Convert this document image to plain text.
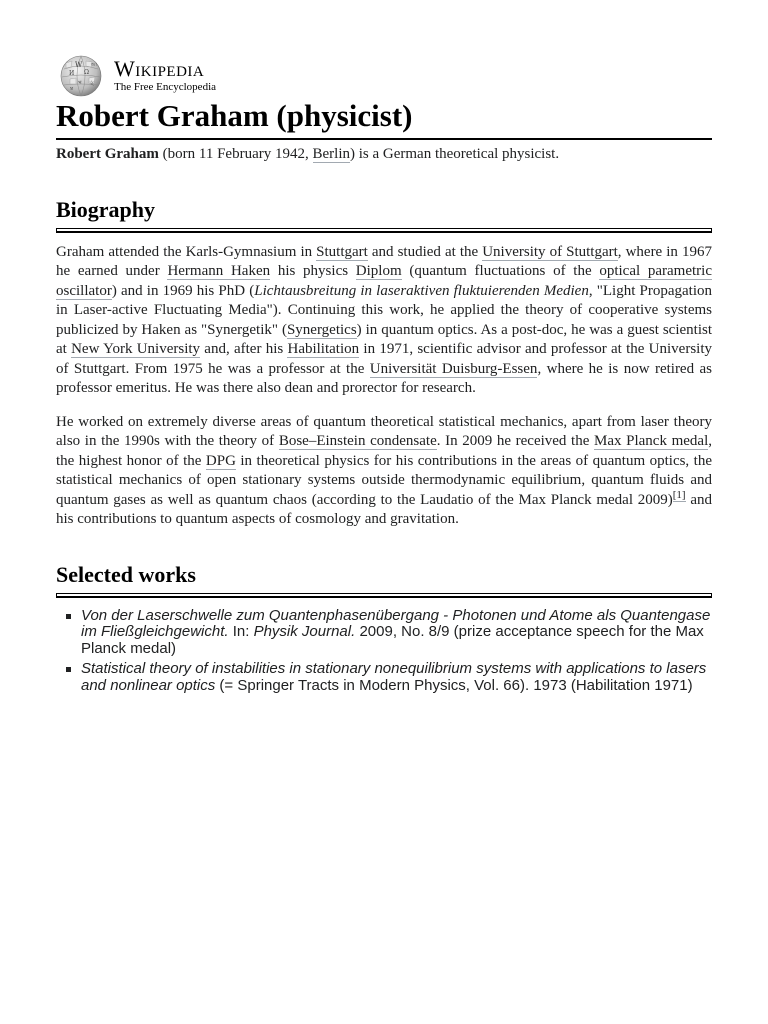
W
Ω
И
আ
भ 文
ท
Wikipedia
The Free Encyclopedia
Robert Graham (physicist)

Robert Graham (born 11 February 1942, Berlin) is a German theoretical physicist.

Biography

Graham attended the Karls-Gymnasium in Stuttgart and studied at the University of Stuttgart, where in 1967 he earned under Hermann Haken his physics Diplom (quantum fluctuations of the optical parametric oscillator) and in 1969 his PhD (Lichtausbreitung in laseraktiven fluktuierenden Medien, "Light Propagation in Laser-active Fluctuating Media"). Continuing this work, he applied the theory of cooperative systems publicized by Haken as "Synergetik" (Synergetics) in quantum optics. As a post-doc, he was a guest scientist at New York University and, after his Habilitation in 1971, scientific advisor and professor at the University of Stuttgart. From 1975 he was a professor at the Universität Duisburg-Essen, where he is now retired as professor emeritus. He was there also dean and prorector for research.

He worked on extremely diverse areas of quantum theoretical statistical mechanics, apart from laser theory also in the 1990s with the theory of Bose–Einstein condensate. In 2009 he received the Max Planck medal, the highest honor of the DPG in theoretical physics for his contributions in the areas of quantum optics, the statistical mechanics of open stationary systems outside thermodynamic equilibrium, quantum fluids and quantum gases as well as quantum chaos (according to the Laudatio of the Max Planck medal 2009)[1] and his contributions to quantum aspects of cosmology and gravitation.

Selected works
Von der Laserschwelle zum Quantenphasenübergang - Photonen und Atome als Quantengase im Fließgleichgewicht. In: Physik Journal. 2009, No. 8/9 (prize acceptance speech for the Max Planck medal)
Statistical theory of instabilities in stationary nonequilibrium systems with applications to lasers and nonlinear optics (= Springer Tracts in Modern Physics, Vol. 66). 1973 (Habilitation 1971)
